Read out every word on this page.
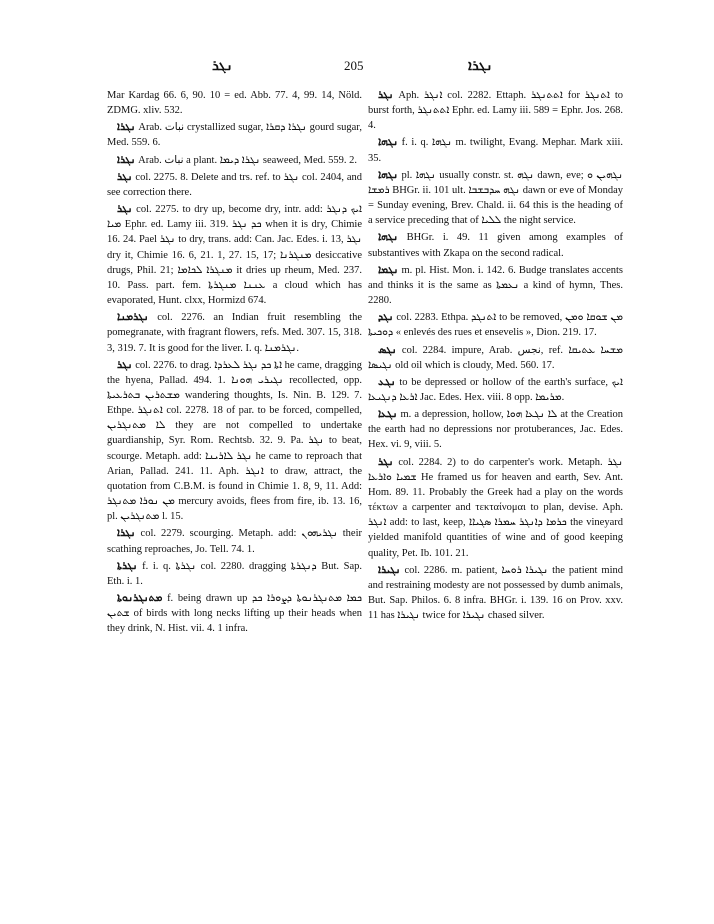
ܢܓܪ	205	ܢܓܪܐ

Mar Kardag 66. 6, 90. 10 = ed. Abb. 77. 4, 99. 14, Nöld. ZDMG. xliv. 532.

ܢܓܪܐ Arab. نبات crystallized sugar, ܢܓܪܐ ܕܩܪܐ gourd sugar, Med. 559. 6.

ܢܓܪܐ Arab. نبات a plant. ܢܓܪܐ ܕܝܡܐ seaweed, Med. 559. 2.

ܢܓܪ col. 2275. 8. Delete and trs. ref. to ܢܓܪ col. 2404, and see correction there.

ܢܓܪ col. 2275. to dry up, become dry, intr. add: ܐܝܟ ܕܢܓܪ ܡܝܐ Ephr. ed. Lamy iii. 319. ܟܕ ܢܓܪ when it is dry, Chimie 16. 24. Pael ܢܓܪ to dry, trans. add: Can. Jac. Edes. i. 13, ܢܓܪ dry it, Chimie 16. 6, 21. 1, 27. 15, 17; ܡܢܓܪܢܐ desiccative drugs, Phil. 21; ܡܢܓܪܐ ܠܟܐܡܐ it dries up rheum, Med. 237. 10. Pass. part. fem. ܥܢܢܐ ܡܢܓܪܬܐ a cloud which has evaporated, Hunt. clxx, Hormizd 674.

ܢܓܪܡܢܐ col. 2276. an Indian fruit resembling the pomegranate, with fragrant flowers, refs. Med. 307. 15, 318. 3, 319. 7. It is good for the liver. I. q. ܢܓܪܡܢܐ.

ܢܓܪ col. 2276. to drag. ܐܬܐ ܟܕ ܢܓܪ ܠܥܪܕܐ he came, dragging the hyena, Pallad. 494. 1. ܢܓܝܪܝ ܗܘܢܐ recollected, opp. ܡܫܬܪܝܢ ܒܬܪܥܝܬܐ wandering thoughts, Is. Nin. B. 129. 7. Ethpe. ܐܬܢܓܪ col. 2278. 18 of par. to be forced, compelled, ܠܐ ܡܬܢܓܪܝܢ they are not compelled to undertake guardianship, Syr. Rom. Rechtsb. 32. 9. Pa. ܢܓܪ to beat, scourge. Metaph. add: ܢܓܪ ܠܐܪܝܢܐ he came to reproach that Arian, Pallad. 241. 11. Aph. ܐܢܓܪ to draw, attract, the quotation from C.B.M. is found in Chimie 1. 8, 9, 11. Add: ܡܢ ܢܘܪܐ ܡܬܢܓܪ mercury avoids, flees from fire, ib. 13. 16, pl. ܡܬܢܓܪܝܢ l. 15.

ܢܓܪܐ col. 2279. scourging. Metaph. add: ܢܓܪܝܗܘܢ their scathing reproaches, Jo. Tell. 74. 1.

ܢܓܪܬܐ f. i. q. ܢܓܪܬܐ col. 2280. dragging ܕܢܓܪܬܐ But. Sap. Eth. i. 1.

ܡܬܢܓܪܢܘܬܐ f. being drawn up ܟܡܐ ܡܬܢܓܪܢܘܬܐ ܕܨܘܪܐ ܟܕ ܫܬܝܢ of birds with long necks lifting up their heads when they drink, N. Hist. vii. 4. 1 infra.

ܢܓܪ Aph. ܐܢܓܪ col. 2282. Ettaph. ܐܬܬܢܓܪ for ܐܬܢܓܪ to burst forth, ܐܬܬܢܓܪ Ephr. ed. Lamy iii. 589 = Ephr. Jos. 268. 4.

ܢܓܗܐ f. i. q. ܢܓܗܐ m. twilight, Evang. Mephar. Mark xiii. 35.

ܢܓܗܐ pl. ܢܓܗܐ usually constr. st. ܢܓܗ dawn, eve; ܢܓܗܝܢ ܘ ܪܡܫܐ BHGr. ii. 101 ult. ܢܓܗ ܚܕܒܫܒܐ dawn or eve of Monday = Sunday evening, Brev. Chald. ii. 64 this is the heading of a service preceding that of ܠܠܝܐ the night service.

ܢܓܗܐ BHGr. i. 49. 11 given among examples of substantives with Zkapa on the second radical.

ܢܓܡܐ m. pl. Hist. Mon. i. 142. 6. Budge translates accents and thinks it is the same as ܢܥܡܬܐ a kind of hymn, Thes. 2280.

ܢܓܕ col. 2283. Ethpa. ܐܬܢܓܕ to be removed, ܡܢ ܫܘܩܐ ܘܡܢ ܕܘܟܝܬܐ « enlevés des rues et ensevelis », Dion. 219. 17.

ܢܓܣ col. 2284. impure, Arab. نجس, ref. ܡܫܚܐ ܥܬܝܩܐ ܢܓܝܣܐ old oil which is cloudy, Med. 560. 17.

ܢܓܥ to be depressed or hollow of the earth's surface, ܐܝܟ ܐܪܥܐ ܕܢܓܝܥܐ Jac. Edes. Hex. viii. 8 opp. ܡܪܝܡܐ.

ܢܓܥܐ m. a depression, hollow, ܠܐ ܢܓܥܐ ܗܘܐ at the Creation the earth had no depressions nor protuberances, Jac. Edes. Hex. vi. 9, viii. 5.

ܢܓܪ col. 2284. 2) to do carpenter's work. Metaph. ܢܓܪ ܫܡܝܐ ܘܐܪܥܐ He framed us for heaven and earth, Sev. Ant. Hom. 89. 11. Probably the Greek had a play on the words τέκτων a carpenter and τεκταίνομαι to plan, devise. Aph. ܐܢܓܪ add: to last, keep, ܟܪܡܐ ܕܐܢܓܪ ܚܡܪܐ ܣܓܝܐܐ the vineyard yielded manifold quantities of wine and of good keeping quality, Pet. Ib. 101. 21.

ܢܓܝܪܐ col. 2286. m. patient, ܢܓܝܪܐ ܪܘܚܐ the patient mind and restraining modesty are not possessed by dumb animals, But. Sap. Philos. 6. 8 infra. BHGr. i. 139. 16 on Prov. xxv. 11 has ܢܓܝܪܐ twice for ܢܓܝܪܐ chased silver.
